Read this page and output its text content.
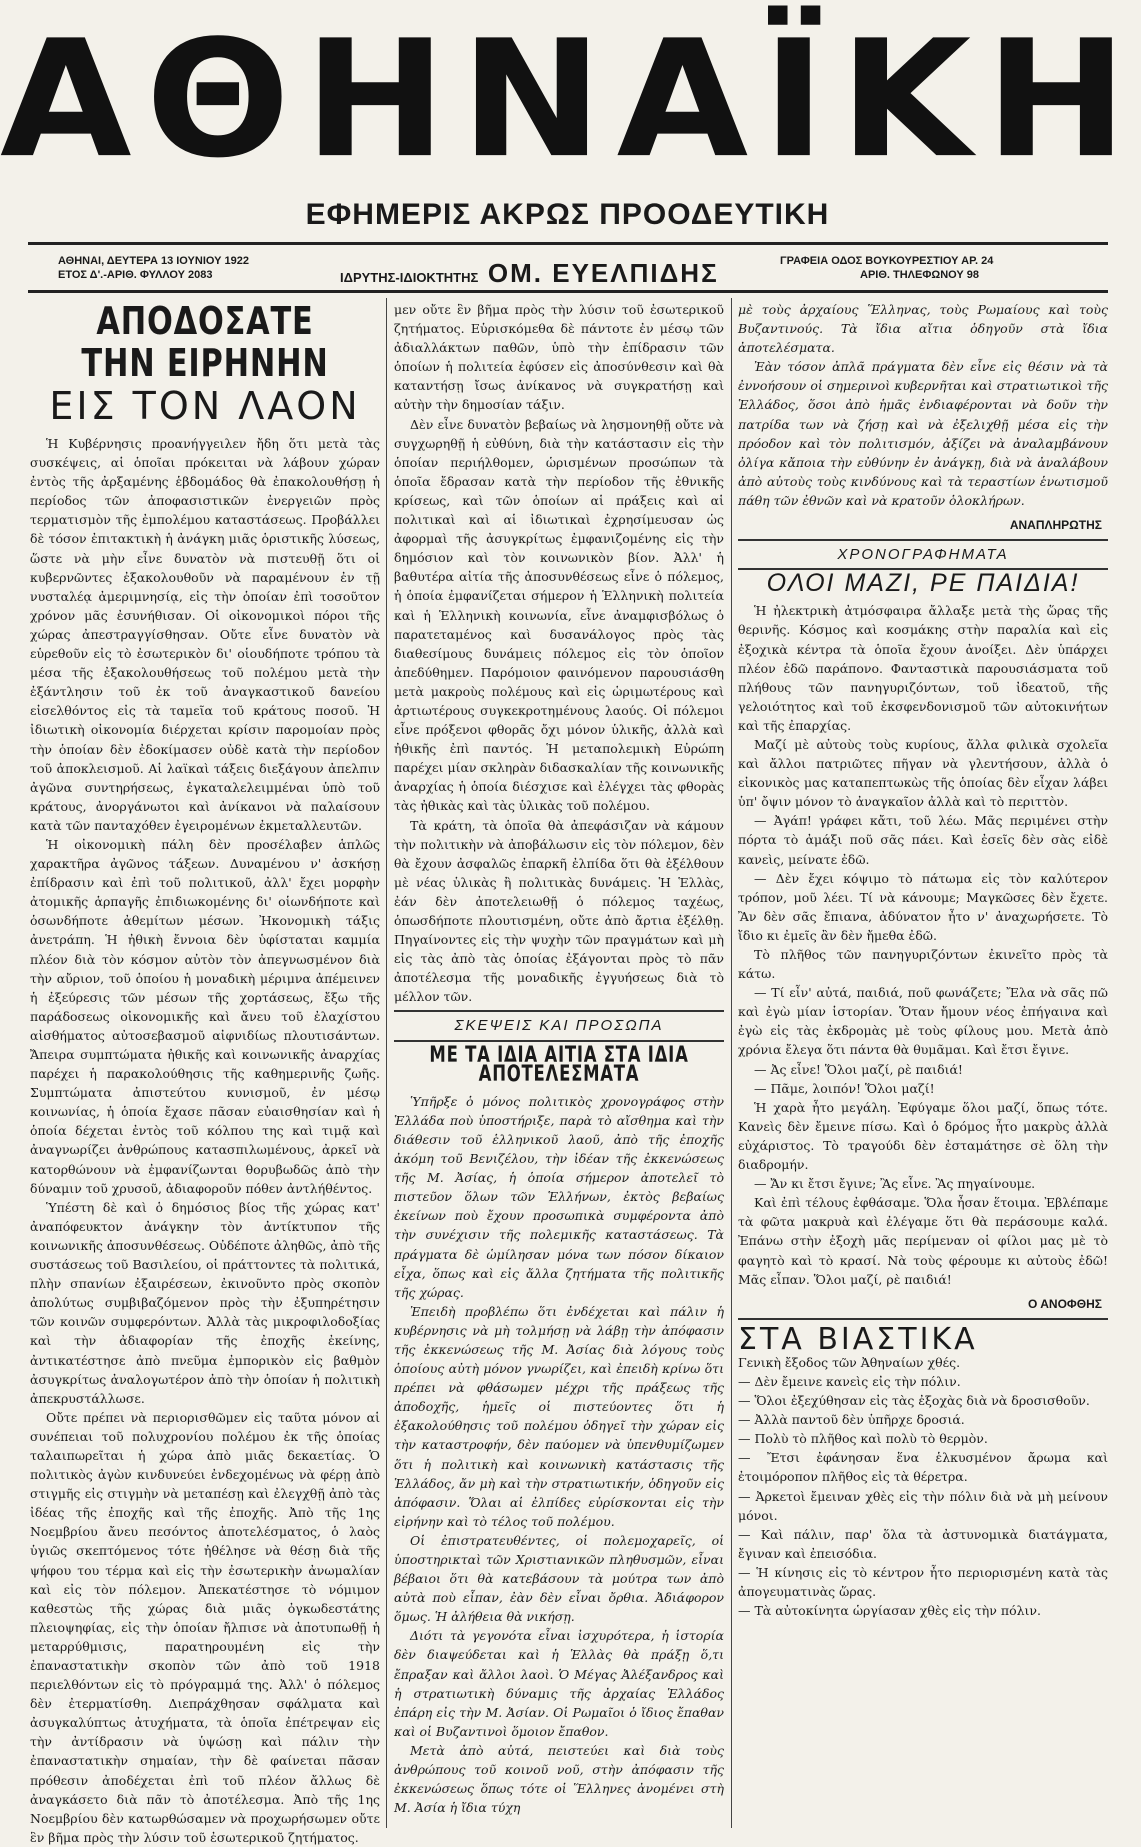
ΑΘΗΝΑΪΚΗ
ΕΦΗΜΕΡΙΣ ΑΚΡΩΣ ΠΡΟΟΔΕΥΤΙΚΗ
ΑΘΗΝΑΙ, ΔΕΥΤΕΡΑ 13 ΙΟΥΝΙΟΥ 1922
ΕΤΟΣ Δ'.-ΑΡΙΘ. ΦΥΛΛΟΥ 2083	ΙΔΡΥΤΗΣ-ΙΔΙΟΚΤΗΤΗΣ ΟΜ. ΕΥΕΛΠΙΔΗΣ	ΓΡΑΦΕΙΑ ΟΔΟΣ ΒΟΥΚΟΥΡΕΣΤΙΟΥ ΑΡ. 24
ΑΡΙΘ. ΤΗΛΕΦΩΝΟΥ 98
ΑΠΟΔΟΣΑΤΕ ΤΗΝ ΕΙΡΗΝΗΝ
ΕΙΣ ΤΟΝ ΛΑΟΝ

Ἡ Κυβέρνησις προανήγγειλεν ἤδη ὅτι μετὰ τὰς συσκέψεις, αἱ ὁποῖαι πρόκειται νὰ λάβουν χώραν ἐντὸς τῆς ἀρξαμένης ἑβδομάδος θὰ ἐπακολουθήσῃ ἡ περίοδος τῶν ἀποφασιστικῶν ἐνεργειῶν πρὸς τερματισμὸν τῆς ἐμπολέμου καταστάσεως. Προβάλλει δὲ τόσον ἐπιτακτικὴ ἡ ἀνάγκη μιᾶς ὁριστικῆς λύσεως, ὥστε νὰ μὴν εἶνε δυνατὸν νὰ πιστευθῇ ὅτι οἱ κυβερνῶντες ἐξακολουθοῦν νὰ παραμένουν ἐν τῇ νυσταλέᾳ ἀμεριμνησίᾳ, εἰς τὴν ὁποίαν ἐπὶ τοσοῦτον χρόνον μᾶς ἐσυνήθισαν. Οἱ οἰκονομικοὶ πόροι τῆς χώρας ἀπεστραγγίσθησαν. Οὔτε εἶνε δυνατὸν νὰ εὑρεθοῦν εἰς τὸ ἐσωτερικὸν δι' οἱουδήποτε τρόπου τὰ μέσα τῆς ἐξακολουθήσεως τοῦ πολέμου μετὰ τὴν ἐξάντλησιν τοῦ ἐκ τοῦ ἀναγκαστικοῦ δανείου εἰσελθόντος εἰς τὰ ταμεῖα τοῦ κράτους ποσοῦ. Ἡ ἰδιωτικὴ οἰκονομία διέρχεται κρίσιν παρομοίαν πρὸς τὴν ὁποίαν δὲν ἐδοκίμασεν οὐδὲ κατὰ τὴν περίοδον τοῦ ἀποκλεισμοῦ. Αἱ λαϊκαὶ τάξεις διεξάγουν ἀπελπιν ἀγῶνα συντηρήσεως, ἐγκαταλελειμμέναι ὑπὸ τοῦ κράτους, ἀνοργάνωτοι καὶ ἀνίκανοι νὰ παλαίσουν κατὰ τῶν πανταχόθεν ἐγειρομένων ἐκμεταλλευτῶν.

Ἡ οἰκονομικὴ πάλη δὲν προσέλαβεν ἁπλῶς χαρακτῆρα ἀγῶνος τάξεων. Δυναμένου ν' ἀσκήσῃ ἐπίδρασιν καὶ ἐπὶ τοῦ πολιτικοῦ, ἀλλ' ἔχει μορφὴν ἀτομικῆς ἁρπαγῆς ἐπιδιωκομένης δι' οἱωνδήποτε καὶ ὁσωνδήποτε ἀθεμίτων μέσων. Ἠκονομικὴ τάξις ἀνετράπη. Ἡ ἠθικὴ ἔννοια δὲν ὑφίσταται καμμία πλέον διὰ τὸν κόσμον αὐτὸν τὸν ἀπεγνωσμένον διὰ τὴν αὔριον, τοῦ ὁποίου ἡ μοναδικὴ μέριμνα ἀπέμεινεν ἡ ἐξεύρεσις τῶν μέσων τῆς χορτάσεως, ἔξω τῆς παράδοσεως οἰκονομικῆς καὶ ἄνευ τοῦ ἐλαχίστου αἰσθήματος αὐτοσεβασμοῦ αἰφνιδίως πλουτισάντων. Ἄπειρα συμπτώματα ἠθικῆς καὶ κοινωνικῆς ἀναρχίας παρέχει ἡ παρακολούθησις τῆς καθημερινῆς ζωῆς. Συμπτώματα ἀπιστεύτου κυνισμοῦ, ἐν μέσῳ κοινωνίας, ἡ ὁποία ἔχασε πᾶσαν εὐαισθησίαν καὶ ἡ ὁποία δέχεται ἐντὸς τοῦ κόλπου της καὶ τιμᾷ καὶ ἀναγνωρίζει ἀνθρώπους κατασπιλωμένους, ἀρκεῖ νὰ κατορθώνουν νὰ ἐμφανίζωνται θορυβωδῶς ἀπὸ τὴν δύναμιν τοῦ χρυσοῦ, ἀδιαφοροῦν πόθεν ἀντλήθέντος.

Ὑπέστη δὲ καὶ ὁ δημόσιος βίος τῆς χώρας κατ' ἀναπόφευκτον ἀνάγκην τὸν ἀντίκτυπον τῆς κοινωνικῆς ἀποσυνθέσεως. Οὐδέποτε ἀληθῶς, ἀπὸ τῆς συστάσεως τοῦ Βασιλείου, οἱ πράττοντες τὰ πολιτικά, πλὴν σπανίων ἐξαιρέσεων, ἐκινοῦντο πρὸς σκοπὸν ἀπολύτως συμβιβαζόμενον πρὸς τὴν ἐξυπηρέτησιν τῶν κοινῶν συμφερόντων. Ἀλλὰ τὰς μικροφιλοδοξίας καὶ τὴν ἀδιαφορίαν τῆς ἐποχῆς ἐκείνης, ἀντικατέστησε ἀπὸ πνεῦμα ἐμπορικὸν εἰς βαθμὸν ἀσυγκρίτως ἀναλογωτέρον ἀπὸ τὴν ὁποίαν ἡ πολιτικὴ ἀπεκρυστάλλωσε.

Οὔτε πρέπει νὰ περιορισθῶμεν εἰς ταῦτα μόνον αἱ συνέπειαι τοῦ πολυχρονίου πολέμου ἐκ τῆς ὁποίας ταλαιπωρεῖται ἡ χώρα ἀπὸ μιᾶς δεκαετίας. Ὁ πολιτικὸς ἀγὼν κινδυνεύει ἐνδεχομένως νὰ φέρῃ ἀπὸ στιγμῆς εἰς στιγμὴν νὰ μεταπέσῃ καὶ ἐλεγχθῇ ἀπὸ τὰς ἰδέας τῆς ἐποχῆς καὶ τῆς ἐποχῆς. Ἀπὸ τῆς 1ης Νοεμβρίου ἄνευ πεσόντος ἀποτελέσματος, ὁ λαὸς ὑγιῶς σκεπτόμενος τότε ἠθέλησε νὰ θέσῃ διὰ τῆς ψήφου του τέρμα καὶ εἰς τὴν ἐσωτερικὴν ἀνωμαλίαν καὶ εἰς τὸν πόλεμον. Ἀπεκατέστησε τὸ νόμιμον καθεστὼς τῆς χώρας διὰ μιᾶς ὀγκωδεστάτης πλειοψηφίας, εἰς τὴν ὁποίαν ἤλπισε νὰ ἀποτυπωθῇ ἡ μεταρρύθμισις, παρατηρουμένη εἰς τὴν ἐπαναστατικὴν σκοπὸν τῶν ἀπὸ τοῦ 1918 περιελθόντων εἰς τὸ πρόγραμμά της. Ἀλλ' ὁ πόλεμος δὲν ἐτερματίσθη. Διεπράχθησαν σφάλματα καὶ ἀσυγκαλύπτως ἀτυχήματα, τὰ ὁποῖα ἐπέτρεψαν εἰς τὴν ἀντίδρασιν νὰ ὑψώσῃ καὶ πάλιν τὴν ἐπαναστατικὴν σημαίαν, τὴν δὲ φαίνεται πᾶσαν πρόθεσιν ἀποδέχεται ἐπὶ τοῦ πλέον ἄλλως δὲ ἀναγκάσετο διὰ πᾶν τὸ ἀποτέλεσμα. Ἀπὸ τῆς 1ης Νοεμβρίου δὲν κατωρθώσαμεν νὰ προχωρήσωμεν οὔτε ἓν βῆμα πρὸς τὴν λύσιν τοῦ ἐσωτερικοῦ ζητήματος.

μεν οὔτε ἓν βῆμα πρὸς τὴν λύσιν τοῦ ἐσωτερικοῦ ζητήματος. Εὑρισκόμεθα δὲ πάντοτε ἐν μέσῳ τῶν ἀδιαλλάκτων παθῶν, ὑπὸ τὴν ἐπίδρασιν τῶν ὁποίων ἡ πολιτεία ἐφύσεν εἰς ἀποσύνθεσιν καὶ θὰ καταντήσῃ ἴσως ἀνίκανος νὰ συγκρατήσῃ καὶ αὐτὴν τὴν δημοσίαν τάξιν.

Δὲν εἶνε δυνατὸν βεβαίως νὰ λησμονηθῇ οὔτε νὰ συγχωρηθῇ ἡ εὐθύνη, διὰ τὴν κατάστασιν εἰς τὴν ὁποίαν περιήλθομεν, ὡρισμένων προσώπων τὰ ὁποῖα ἔδρασαν κατὰ τὴν περίοδον τῆς ἐθνικῆς κρίσεως, καὶ τῶν ὁποίων αἱ πράξεις καὶ αἱ πολιτικαὶ καὶ αἱ ἰδιωτικαὶ ἐχρησίμευσαν ὡς ἀφορμαὶ τῆς ἀσυγκρίτως ἐμφανιζομένης εἰς τὴν δημόσιον καὶ τὸν κοινωνικὸν βίον. Ἀλλ' ἡ βαθυτέρα αἰτία τῆς ἀποσυνθέσεως εἶνε ὁ πόλεμος, ἡ ὁποία ἐμφανίζεται σήμερον ἡ Ἑλληνικὴ πολιτεία καὶ ἡ Ἑλληνικὴ κοινωνία, εἶνε ἀναμφισβόλως ὁ παρατεταμένος καὶ δυσανάλογος πρὸς τὰς διαθεσίμους δυνάμεις πόλεμος εἰς τὸν ὁποῖον ἀπεδύθημεν. Παρόμοιον φαινόμενον παρουσιάσθη μετὰ μακροὺς πολέμους καὶ εἰς ὡριμωτέρους καὶ ἀρτιωτέρους συγκεκροτημένους λαούς. Οἱ πόλεμοι εἶνε πρόξενοι φθορᾶς ὄχι μόνον ὑλικῆς, ἀλλὰ καὶ ἠθικῆς ἐπὶ παντός. Ἡ μεταπολεμικὴ Εὐρώπη παρέχει μίαν σκληρὰν διδασκαλίαν τῆς κοινωνικῆς ἀναρχίας ἡ ὁποία διέσχισε καὶ ἐλέγχει τὰς φθορὰς τὰς ἠθικὰς καὶ τὰς ὑλικὰς τοῦ πολέμου.

Τὰ κράτη, τὰ ὁποῖα θὰ ἀπεφάσιζαν νὰ κάμουν τὴν πολιτικὴν νὰ ἀποβάλωσιν εἰς τὸν πόλεμον, δὲν θὰ ἔχουν ἀσφαλῶς ἐπαρκῆ ἐλπίδα ὅτι θὰ ἐξέλθουν μὲ νέας ὑλικὰς ἢ πολιτικὰς δυνάμεις. Ἡ Ἑλλὰς, ἐάν δὲν ἀποτελειωθῇ ὁ πόλεμος ταχέως, ὁπωσδήποτε πλουτισμένη, οὔτε ἀπὸ ἄρτια ἐξέλθῃ. Πηγαίνοντες εἰς τὴν ψυχὴν τῶν πραγμάτων καὶ μὴ εἰς τὰς ἀπὸ τὰς ὁποίας ἐξάγονται πρὸς τὸ πᾶν ἀποτέλεσμα τῆς μοναδικῆς ἐγγυήσεως διὰ τὸ μέλλον τῶν.

ΣΚΕΨΕΙΣ ΚΑΙ ΠΡΟΣΩΠΑ
ΜΕ ΤΑ ΙΔΙΑ ΑΙΤΙΑ ΣΤΑ ΙΔΙΑ ΑΠΟΤΕΛΕΣΜΑΤΑ

Ὑπῆρξε ὁ μόνος πολιτικὸς χρονογράφος στὴν Ἑλλάδα ποὺ ὑποστήριξε, παρὰ τὸ αἴσθημα καὶ τὴν διάθεσιν τοῦ ἑλληνικοῦ λαοῦ, ἀπὸ τῆς ἐποχῆς ἀκόμη τοῦ Βενιζέλου, τὴν ἰδέαν τῆς ἐκκενώσεως τῆς Μ. Ἀσίας, ἡ ὁποία σήμερον ἀποτελεῖ τὸ πιστεῦον ὅλων τῶν Ἑλλήνων, ἐκτὸς βεβαίως ἐκείνων ποὺ ἔχουν προσωπικὰ συμφέροντα ἀπὸ τὴν συνέχισιν τῆς πολεμικῆς καταστάσεως. Τὰ πράγματα δὲ ὡμίλησαν μόνα των πόσον δίκαιον εἶχα, ὅπως καὶ εἰς ἄλλα ζητήματα τῆς πολιτικῆς τῆς χώρας.

Ἐπειδὴ προβλέπω ὅτι ἐνδέχεται καὶ πάλιν ἡ κυβέρνησις νὰ μὴ τολμήσῃ νὰ λάβῃ τὴν ἀπόφασιν τῆς ἐκκενώσεως τῆς Μ. Ἀσίας διὰ λόγους τοὺς ὁποίους αὐτὴ μόνον γνωρίζει, καὶ ἐπειδὴ κρίνω ὅτι πρέπει νὰ φθάσωμεν μέχρι τῆς πράξεως τῆς ἀποδοχῆς, ἡμεῖς οἱ πιστεύοντες ὅτι ἡ ἐξακολούθησις τοῦ πολέμου ὁδηγεῖ τὴν χώραν εἰς τὴν καταστροφήν, δὲν παύομεν νὰ ὑπενθυμίζωμεν ὅτι ἡ πολιτικὴ καὶ κοινωνικὴ κατάστασις τῆς Ἑλλάδος, ἄν μὴ καὶ τὴν στρατιωτικήν, ὁδηγοῦν εἰς ἀπόφασιν. Ὅλαι αἱ ἐλπίδες εὑρίσκονται εἰς τὴν εἰρήνην καὶ τὸ τέλος τοῦ πολέμου.

Οἱ ἐπιστρατευθέντες, οἱ πολεμοχαρεῖς, οἱ ὑποστηρικταὶ τῶν Χριστιανικῶν πληθυσμῶν, εἶναι βέβαιοι ὅτι θὰ κατεβάσουν τὰ μούτρα των ἀπὸ αὐτὰ ποὺ εἶπαν, ἐὰν δὲν εἶναι ὄρθια. Ἀδιάφορον ὅμως. Ἡ ἀλήθεια θὰ νικήσῃ.

Διότι τὰ γεγονότα εἶναι ἰσχυρότερα, ἡ ἱστορία δὲν διαψεύδεται καὶ ἡ Ἑλλὰς θὰ πράξῃ ὅ,τι ἔπραξαν καὶ ἄλλοι λαοὶ. Ὁ Μέγας Ἀλέξανδρος καὶ ἡ στρατιωτικὴ δύναμις τῆς ἀρχαίας Ἑλλάδος ἐπάρη εἰς τὴν Μ. Ἀσίαν. Οἱ Ρωμαῖοι ὁ ἴδιος ἔπαθαν καὶ οἱ Βυζαντινοὶ ὅμοιον ἔπαθον.

Μετὰ ἀπὸ αὐτά, πειστεύει καὶ διὰ τοὺς ἀνθρώπους τοῦ κοινοῦ νοῦ, στὴν ἀπόφασιν τῆς ἐκκενώσεως ὅπως τότε οἱ Ἕλληνες ἀνομένει στὴ Μ. Ἀσία ἡ ἴδια τύχη

μὲ τοὺς ἀρχαίους Ἕλληνας, τοὺς Ρωμαίους καὶ τοὺς Βυζαντινούς. Τὰ ἴδια αἴτια ὁδηγοῦν στὰ ἴδια ἀποτελέσματα.

Ἐὰν τόσον ἀπλᾶ πράγματα δὲν εἶνε εἰς θέσιν νὰ τὰ ἐννοήσουν οἱ σημερινοὶ κυβερνῆται καὶ στρατιωτικοὶ τῆς Ἑλλάδος, ὅσοι ἀπὸ ἡμᾶς ἐνδιαφέρονται νὰ δοῦν τὴν πατρίδα των νὰ ζήσῃ καὶ νὰ ἐξελιχθῇ μέσα εἰς τὴν πρόοδον καὶ τὸν πολιτισμόν, ἀξίζει νὰ ἀναλαμβάνουν ὀλίγα κἄποια τὴν εὐθύνην ἐν ἀνάγκῃ, διὰ νὰ ἀναλάβουν ἀπὸ αὐτοὺς τοὺς κινδύνους καὶ τὰ τεραστίων ἑνωτισμοῦ πάθη τῶν ἐθνῶν καὶ νὰ κρατοῦν ὁλοκλήρων.

ΑΝΑΠΛΗΡΩΤΗΣ
ΧΡΟΝΟΓΡΑΦΗΜΑΤΑ
ΟΛΟΙ ΜΑΖΙ, ΡΕ ΠΑΙΔΙΑ!

Ἡ ἠλεκτρικὴ ἀτμόσφαιρα ἄλλαξε μετὰ τὴς ὥρας τῆς θερινῆς. Κόσμος καὶ κοσμάκης στὴν παραλία καὶ εἰς ἐξοχικὰ κέντρα τὰ ὁποῖα ἔχουν ἀνοίξει. Δὲν ὑπάρχει πλέον ἐδῶ παράπονο. Φανταστικὰ παρουσιάσματα τοῦ πλήθους τῶν πανηγυριζόντων, τοῦ ἰδεατοῦ, τῆς γελοιότητος καὶ τοῦ ἐκσφενδονισμοῦ τῶν αὐτοκινήτων καὶ τῆς ἐπαρχίας.

Μαζί μὲ αὐτοὺς τοὺς κυρίους, ἄλλα φιλικὰ σχολεῖα καὶ ἄλλοι πατριῶτες πῆγαν νὰ γλεντήσουν, ἀλλὰ ὁ εἰκονικὸς μας καταπεπτωκὼς τῆς ὁποίας δὲν εἶχαν λάβει ὑπ' ὄψιν μόνον τὸ ἀναγκαῖον ἀλλὰ καὶ τὸ περιττὸν.

— Ἀγάπ! γράφει κἄτι, τοῦ λέω. Μᾶς περιμένει στὴν πόρτα τὸ ἀμάξι ποῦ σᾶς πάει. Καὶ ἐσεῖς δὲν σὰς εἰδὲ κανεὶς, μείνατε ἐδῶ.

— Δὲν ἔχει κόψιμο τὸ πάτωμα εἰς τὸν καλύτερον τρόπον, μοῦ λέει. Τί νὰ κάνουμε; Μαγκῶσες δὲν ἔχετε. Ἂν δὲν σᾶς ἔπιανα, ἀδύνατον ἦτο ν' ἀναχωρήσετε. Τὸ ἴδιο κι ἐμεῖς ἂν δὲν ἤμεθα ἐδῶ.

Τὸ πλῆθος τῶν πανηγυριζόντων ἐκινεῖτο πρὸς τὰ κάτω.

— Τί εἶν' αὐτά, παιδιά, ποῦ φωνάζετε; Ἔλα νὰ σᾶς πῶ καὶ ἐγὼ μίαν ἱστορίαν. Ὅταν ἤμουν νέος ἐπήγαινα καὶ ἐγὼ εἰς τὰς ἐκδρομὰς μὲ τοὺς φίλους μου. Μετὰ ἀπὸ χρόνια ἔλεγα ὅτι πάντα θὰ θυμᾶμαι. Καὶ ἔτσι ἔγινε.

— Ἀς εἶνε! Ὅλοι μαζί, ρὲ παιδιά!

— Πᾶμε, λοιπόν! Ὅλοι μαζί!

Ἡ χαρὰ ἦτο μεγάλη. Ἐφύγαμε ὅλοι μαζί, ὅπως τότε. Κανεὶς δὲν ἔμεινε πίσω. Καὶ ὁ δρόμος ἦτο μακρὺς ἀλλὰ εὐχάριστος. Τὸ τραγούδι δὲν ἐσταμάτησε σὲ ὅλη τὴν διαδρομήν.

— Ἄν κι ἔτσι ἔγινε; Ἂς εἶνε. Ἂς πηγαίνουμε.

Καὶ ἐπὶ τέλους ἐφθάσαμε. Ὅλα ἦσαν ἕτοιμα. Ἐβλέπαμε τὰ φῶτα μακρυὰ καὶ ἐλέγαμε ὅτι θὰ περάσουμε καλά. Ἐπάνω στὴν ἐξοχὴ μᾶς περίμεναν οἱ φίλοι μας μὲ τὸ φαγητὸ καὶ τὸ κρασί. Νὰ τοὺς φέρουμε κι αὐτοὺς ἐδῶ! Μᾶς εἶπαν. Ὅλοι μαζί, ρὲ παιδιά!

Ο ΑΝΟΦΘΗΣ
ΣΤΑ ΒΙΑΣΤΙΚΑ

Γενικὴ ἔξοδος τῶν Ἀθηναίων χθές.

— Δὲν ἔμεινε κανεὶς εἰς τὴν πόλιν.

— Ὅλοι ἐξεχύθησαν εἰς τὰς ἐξοχὰς διὰ νὰ δροσισθοῦν.

— Ἀλλὰ παντοῦ δὲν ὑπῆρχε δροσιά.

— Πολὺ τὸ πλῆθος καὶ πολὺ τὸ θερμὸν.

— Ἔτσι ἐφάνησαν ἕνα ἑλκυσμένον ἄρωμα καὶ ἐτοιμόροπον πλῆθος εἰς τὰ θέρετρα.

— Ἀρκετοὶ ἔμειναν χθὲς εἰς τὴν πόλιν διὰ νὰ μὴ μείνουν μόνοι.

— Καὶ πάλιν, παρ' ὅλα τὰ ἀστυνομικὰ διατάγματα, ἔγιναν καὶ ἐπεισόδια.

— Ἡ κίνησις εἰς τὸ κέντρον ἦτο περιορισμένη κατὰ τὰς ἀπογευματινὰς ὥρας.

— Τὰ αὐτοκίνητα ὡργίασαν χθὲς εἰς τὴν πόλιν.
